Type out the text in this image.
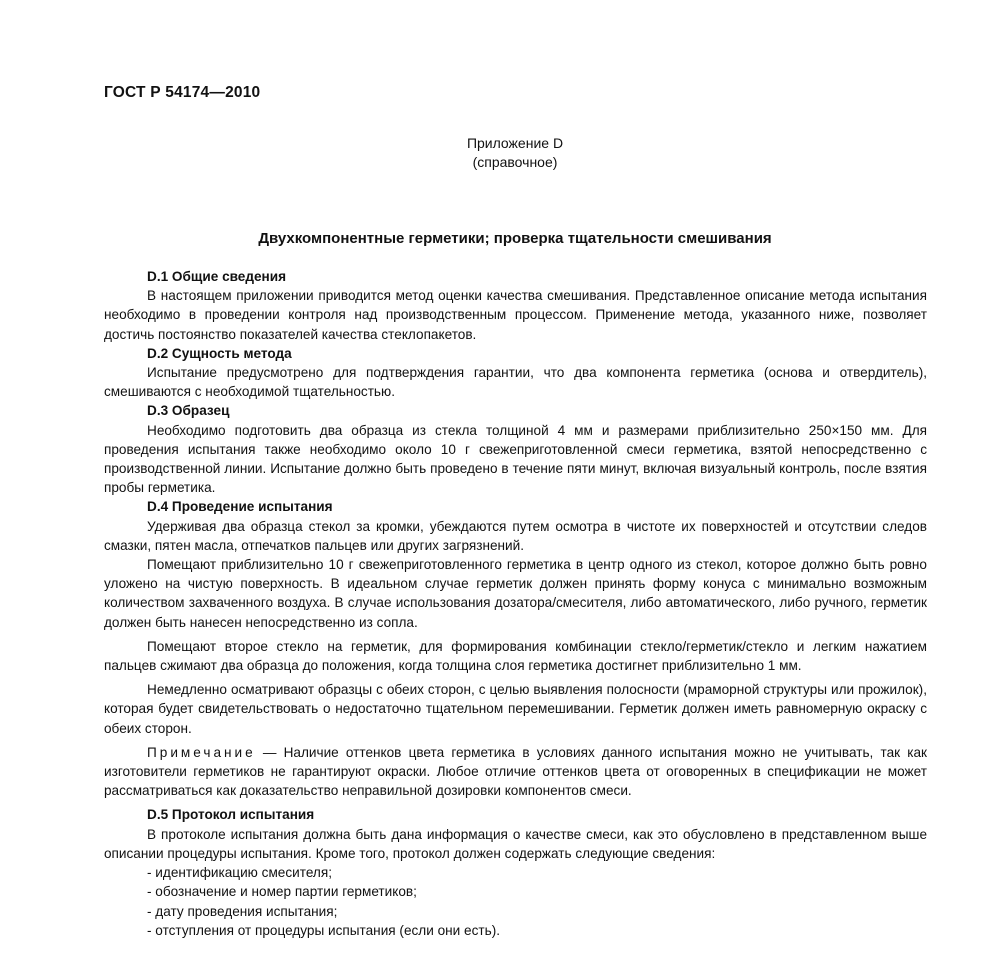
ГОСТ Р 54174—2010
Приложение D
(справочное)
Двухкомпонентные герметики; проверка тщательности смешивания
D.1 Общие сведения

В настоящем приложении приводится метод оценки качества смешивания. Представленное описание метода испытания необходимо в проведении контроля над производственным процессом. Применение метода, указанного ниже, позволяет достичь постоянство показателей качества стеклопакетов.

D.2 Сущность метода

Испытание предусмотрено для подтверждения гарантии, что два компонента герметика (основа и отвердитель), смешиваются с необходимой тщательностью.

D.3 Образец

Необходимо подготовить два образца из стекла толщиной 4 мм и размерами приблизительно 250×150 мм. Для проведения испытания также необходимо около 10 г свежеприготовленной смеси герметика, взятой непосредственно с производственной линии. Испытание должно быть проведено в течение пяти минут, включая визуальный контроль, после взятия пробы герметика.

D.4 Проведение испытания

Удерживая два образца стекол за кромки, убеждаются путем осмотра в чистоте их поверхностей и отсутствии следов смазки, пятен масла, отпечатков пальцев или других загрязнений.

Помещают приблизительно 10 г свежеприготовленного герметика в центр одного из стекол, которое должно быть ровно уложено на чистую поверхность. В идеальном случае герметик должен принять форму конуса с минимально возможным количеством захваченного воздуха. В случае использования дозатора/смесителя, либо автоматического, либо ручного, герметик должен быть нанесен непосредственно из сопла.

Помещают второе стекло на герметик, для формирования комбинации стекло/герметик/стекло и легким нажатием пальцев сжимают два образца до положения, когда толщина слоя герметика достигнет приблизительно 1 мм.

Немедленно осматривают образцы с обеих сторон, с целью выявления полосности (мраморной структуры или прожилок), которая будет свидетельствовать о недостаточно тщательном перемешивании. Герметик должен иметь равномерную окраску с обеих сторон.

Примечание — Наличие оттенков цвета герметика в условиях данного испытания можно не учитывать, так как изготовители герметиков не гарантируют окраски. Любое отличие оттенков цвета от оговоренных в спецификации не может рассматриваться как доказательство неправильной дозировки компонентов смеси.

D.5 Протокол испытания

В протоколе испытания должна быть дана информация о качестве смеси, как это обусловлено в представленном выше описании процедуры испытания. Кроме того, протокол должен содержать следующие сведения:

- идентификацию смесителя;
- обозначение и номер партии герметиков;
- дату проведения испытания;
- отступления от процедуры испытания (если они есть).
